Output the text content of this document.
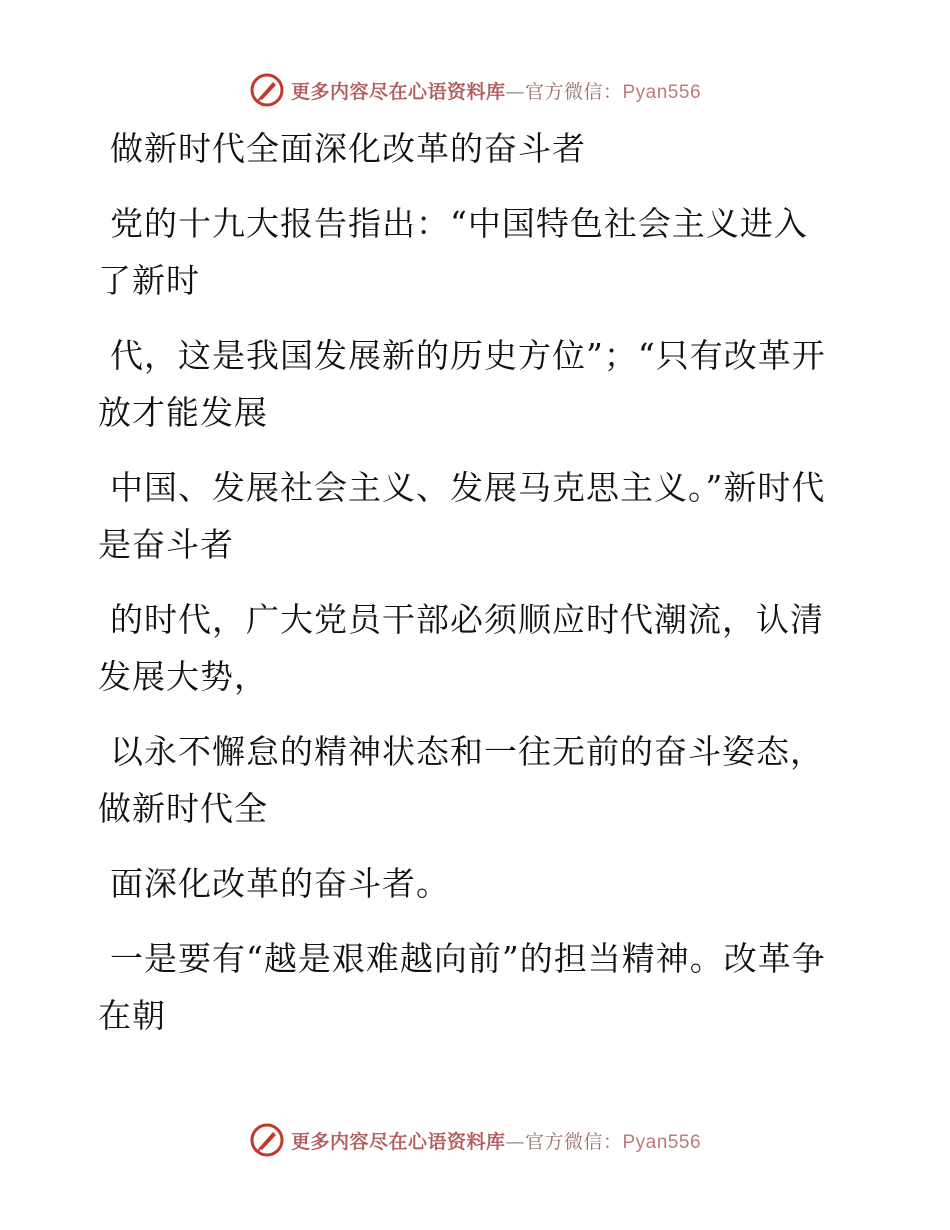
更多内容尽在心语资料库—官方微信：Pyan556

做新时代全面深化改革的奋斗者

党的十九大报告指出：“中国特色社会主义进入了新时

代，这是我国发展新的历史方位”；“只有改革开放才能发展

中国、发展社会主义、发展马克思主义。”新时代是奋斗者

的时代，广大党员干部必须顺应时代潮流，认清发展大势，

以永不懈怠的精神状态和一往无前的奋斗姿态，做新时代全

面深化改革的奋斗者。

一是要有“越是艰难越向前”的担当精神。改革争在朝

更多内容尽在心语资料库—官方微信：Pyan556
